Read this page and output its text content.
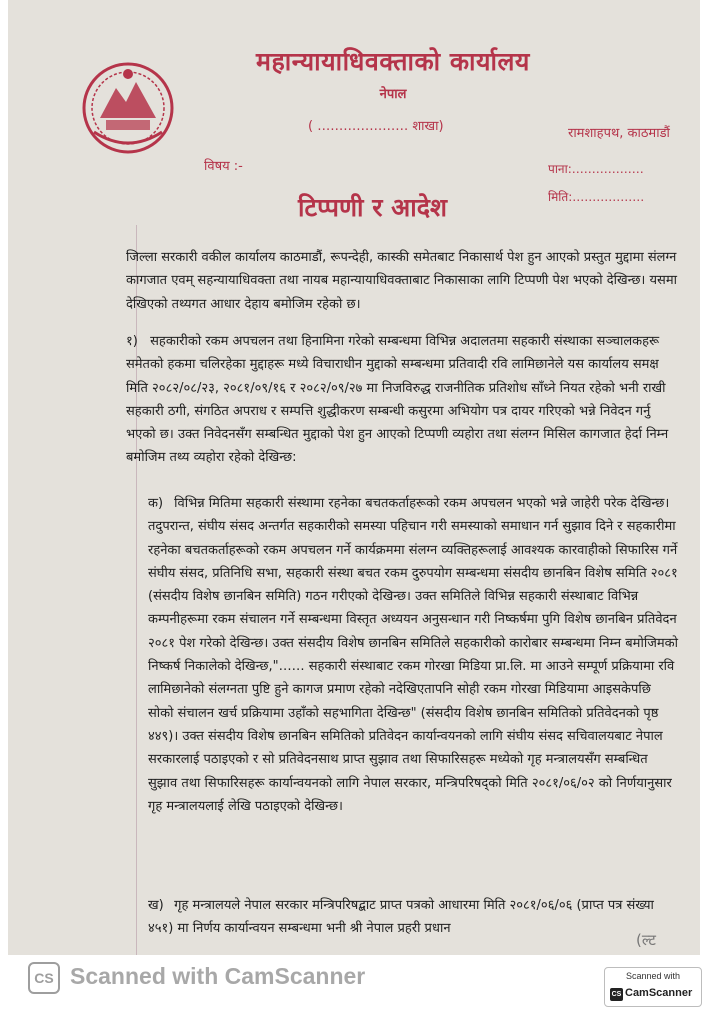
महान्यायाधिवक्ताको कार्यालय
नेपाल
( ………………… शाखा)	रामशाहपथ, काठमाडौं
विषय :-	पाना:………………
मिति:………………
टिप्पणी र आदेश
जिल्ला सरकारी वकील कार्यालय काठमाडौं, रूपन्देही, कास्की समेतबाट निकासार्थ पेश हुन आएको प्रस्तुत मुद्दामा संलग्न कागजात एवम् सहन्यायाधिवक्ता तथा नायब महान्यायाधिवक्ताबाट निकासाका लागि टिप्पणी पेश भएको देखिन्छ। यसमा देखिएको तथ्यगत आधार देहाय बमोजिम रहेको छ।
१) सहकारीको रकम अपचलन तथा हिनामिना गरेको सम्बन्धमा विभिन्न अदालतमा सहकारी संस्थाका सञ्चालकहरू समेतको हकमा चलिरहेका मुद्दाहरू मध्ये विचाराधीन मुद्दाको सम्बन्धमा प्रतिवादी रवि लामिछानेले यस कार्यालय समक्ष मिति २०८२/०८/२३, २०८१/०९/१६ र २०८२/०९/२७ मा निजविरुद्ध राजनीतिक प्रतिशोध साँध्ने नियत रहेको भनी राखी सहकारी ठगी, संगठित अपराध र सम्पत्ति शुद्धीकरण सम्बन्धी कसुरमा अभियोग पत्र दायर गरिएको भन्ने निवेदन गर्नु भएको छ। उक्त निवेदनसँग सम्बन्धित मुद्दाको पेश हुन आएको टिप्पणी व्यहोरा तथा संलग्न मिसिल कागजात हेर्दा निम्न बमोजिम तथ्य व्यहोरा रहेको देखिन्छ:
क) विभिन्न मितिमा सहकारी संस्थामा रहनेका बचतकर्ताहरूको रकम अपचलन भएको भन्ने जाहेरी परेक देखिन्छ। तदुपरान्त, संघीय संसद अन्तर्गत सहकारीको समस्या पहिचान गरी समस्याको समाधान गर्न सुझाव दिने र सहकारीमा रहनेका बचतकर्ताहरूको रकम अपचलन गर्ने कार्यक्रममा संलग्न व्यक्तिहरूलाई आवश्यक कारवाहीको सिफारिस गर्ने संघीय संसद, प्रतिनिधि सभा, सहकारी संस्था बचत रकम दुरुपयोग सम्बन्धमा संसदीय छानबिन विशेष समिति २०८१ (संसदीय विशेष छानबिन समिति) गठन गरीएको देखिन्छ। उक्त समितिले विभिन्न सहकारी संस्थाबाट विभिन्न कम्पनीहरूमा रकम संचालन गर्ने सम्बन्धमा विस्तृत अध्ययन अनुसन्धान गरी निष्कर्षमा पुगि विशेष छानबिन प्रतिवेदन २०८१ पेश गरेको देखिन्छ। उक्त संसदीय विशेष छानबिन समितिले सहकारीको कारोबार सम्बन्धमा निम्न बमोजिमको निष्कर्ष निकालेको देखिन्छ,"…… सहकारी संस्थाबाट रकम गोरखा मिडिया प्रा.लि. मा आउने सम्पूर्ण प्रक्रियामा रवि लामिछानेको संलग्नता पुष्टि हुने कागज प्रमाण रहेको नदेखिएतापनि सोही रकम गोरखा मिडियामा आइसकेपछि सोको संचालन खर्च प्रक्रियामा उहाँको सहभागिता देखिन्छ" (संसदीय विशेष छानबिन समितिको प्रतिवेदनको पृष्ठ ४४९)। उक्त संसदीय विशेष छानबिन समितिको प्रतिवेदन कार्यान्वयनको लागि संघीय संसद सचिवालयबाट नेपाल सरकारलाई पठाइएको र सो प्रतिवेदनसाथ प्राप्त सुझाव तथा सिफारिसहरू मध्येको गृह मन्त्रालयसँग सम्बन्धित सुझाव तथा सिफारिसहरू कार्यान्वयनको लागि नेपाल सरकार, मन्त्रिपरिषद्को मिति २०८१/०६/०२ को निर्णयानुसार गृह मन्त्रालयलाई लेखि पठाइएको देखिन्छ।
ख) गृह मन्त्रालयले नेपाल सरकार मन्त्रिपरिषद्बाट प्राप्त पत्रको आधारमा मिति २०८१/०६/०६ (प्राप्त पत्र संख्या ४५१) मा निर्णय कार्यान्वयन सम्बन्धमा भनी श्री नेपाल प्रहरी प्रधान
(ल्ट
CS Scanned with CamScanner	Scanned with
CS CamScanner
